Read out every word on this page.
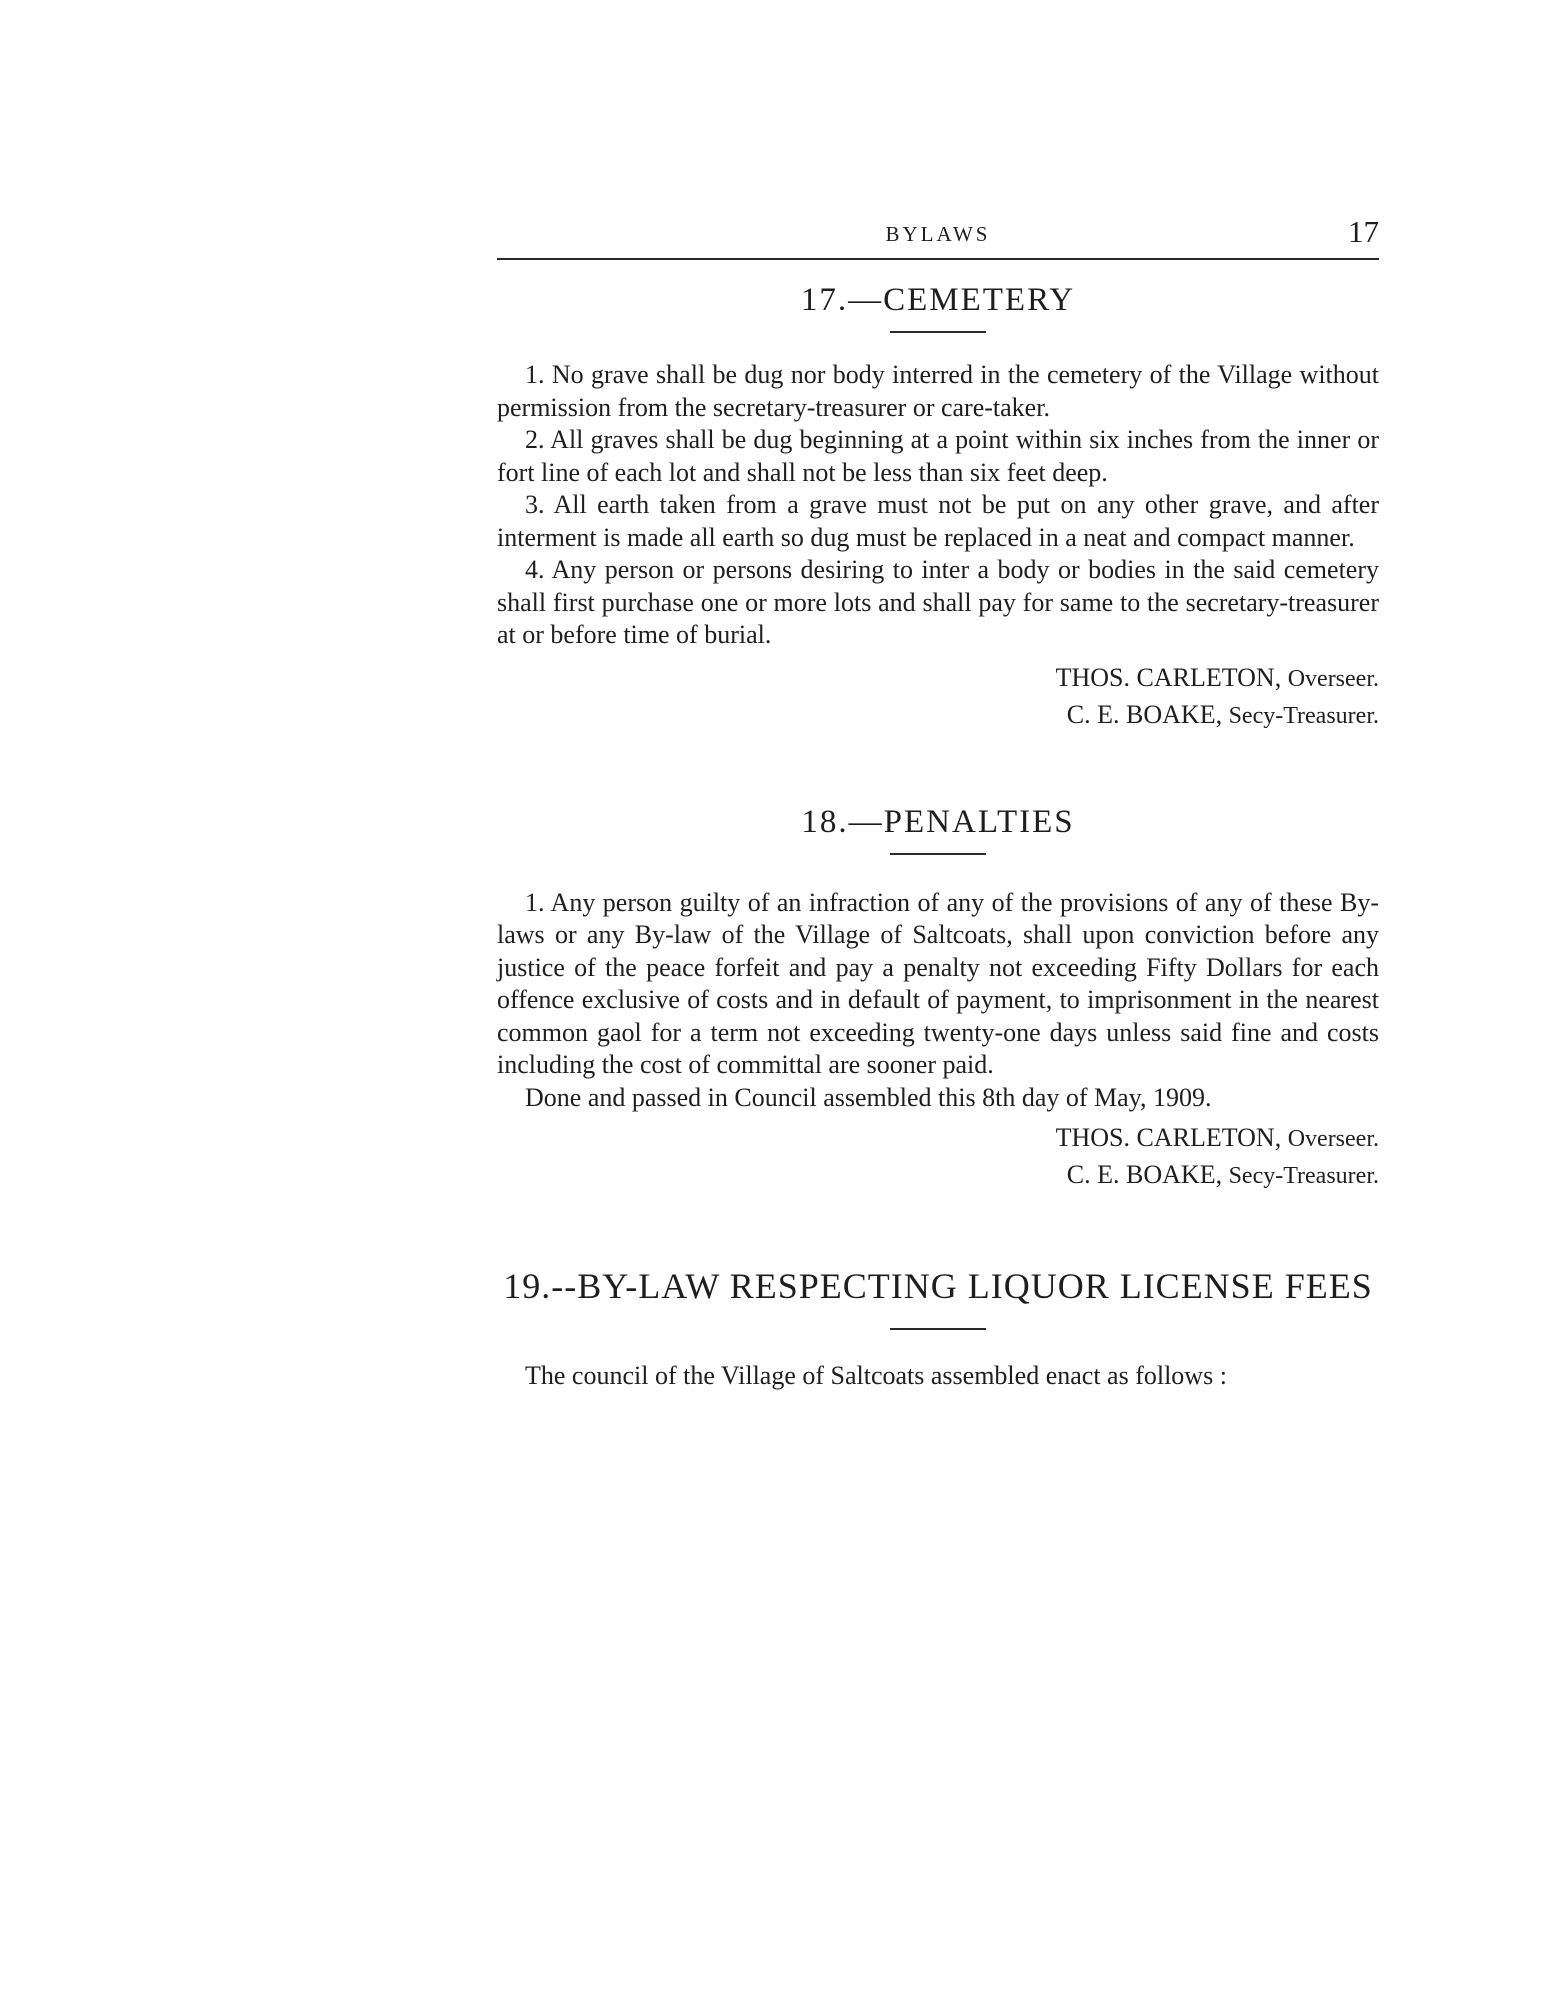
BYLAWS	17
17.—CEMETERY

1. No grave shall be dug nor body interred in the cemetery of the Village without permission from the secretary-treasurer or care-taker.

2. All graves shall be dug beginning at a point within six inches from the inner or fort line of each lot and shall not be less than six feet deep.

3. All earth taken from a grave must not be put on any other grave, and after interment is made all earth so dug must be replaced in a neat and compact manner.

4. Any person or persons desiring to inter a body or bodies in the said cemetery shall first purchase one or more lots and shall pay for same to the secretary-treasurer at or before time of burial.

THOS. CARLETON, Overseer.

C. E. BOAKE, Secy-Treasurer.

18.—PENALTIES

1. Any person guilty of an infraction of any of the provisions of any of these By-laws or any By-law of the Village of Saltcoats, shall upon conviction before any justice of the peace forfeit and pay a penalty not exceeding Fifty Dollars for each offence exclusive of costs and in default of payment, to imprisonment in the nearest common gaol for a term not exceeding twenty-one days unless said fine and costs including the cost of committal are sooner paid.

Done and passed in Council assembled this 8th day of May, 1909.

THOS. CARLETON, Overseer.

C. E. BOAKE, Secy-Treasurer.

19.--BY-LAW RESPECTING LIQUOR LICENSE FEES

The council of the Village of Saltcoats assembled enact as follows :
